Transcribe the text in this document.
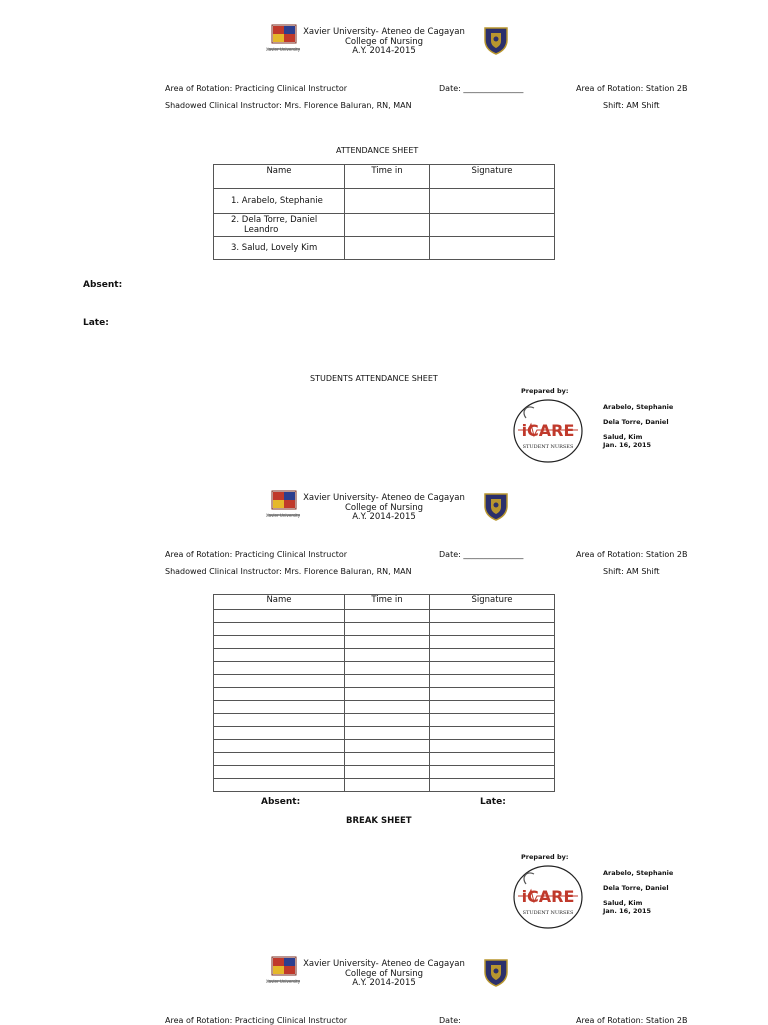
Xavier University
Xavier University- Ateneo de Cagayan
College of Nursing
A.Y. 2014-2015
Area of Rotation: Practicing Clinical Instructor	Date: _______________	Area of Rotation: Station 2B
Shadowed Clinical Instructor: Mrs. Florence Baluran, RN, MAN	Shift: AM Shift
ATTENDANCE SHEET
Name	Time in	Signature
1. Arabelo, Stephanie		

2. Dela Torre, Daniel
Leandro		

3. Salud, Lovely Kim		
Absent:
Late:
STUDENTS ATTENDANCE SHEET
Prepared by:
iCARE
STUDENT NURSES
Arabelo, Stephanie
Dela Torre, Daniel
Salud, Kim
Jan. 16, 2015
Xavier University
Xavier University- Ateneo de Cagayan
College of Nursing
A.Y. 2014-2015
Area of Rotation: Practicing Clinical Instructor	Date: _______________	Area of Rotation: Station 2B
Shadowed Clinical Instructor: Mrs. Florence Baluran, RN, MAN	Shift: AM Shift
Name	Time in	Signature

Absent:	Late:
BREAK SHEET
Prepared by:
iCARE
STUDENT NURSES
Arabelo, Stephanie
Dela Torre, Daniel
Salud, Kim
Jan. 16, 2015
Xavier University
Xavier University- Ateneo de Cagayan
College of Nursing
A.Y. 2014-2015
Area of Rotation: Practicing Clinical Instructor	Date:	Area of Rotation: Station 2B
